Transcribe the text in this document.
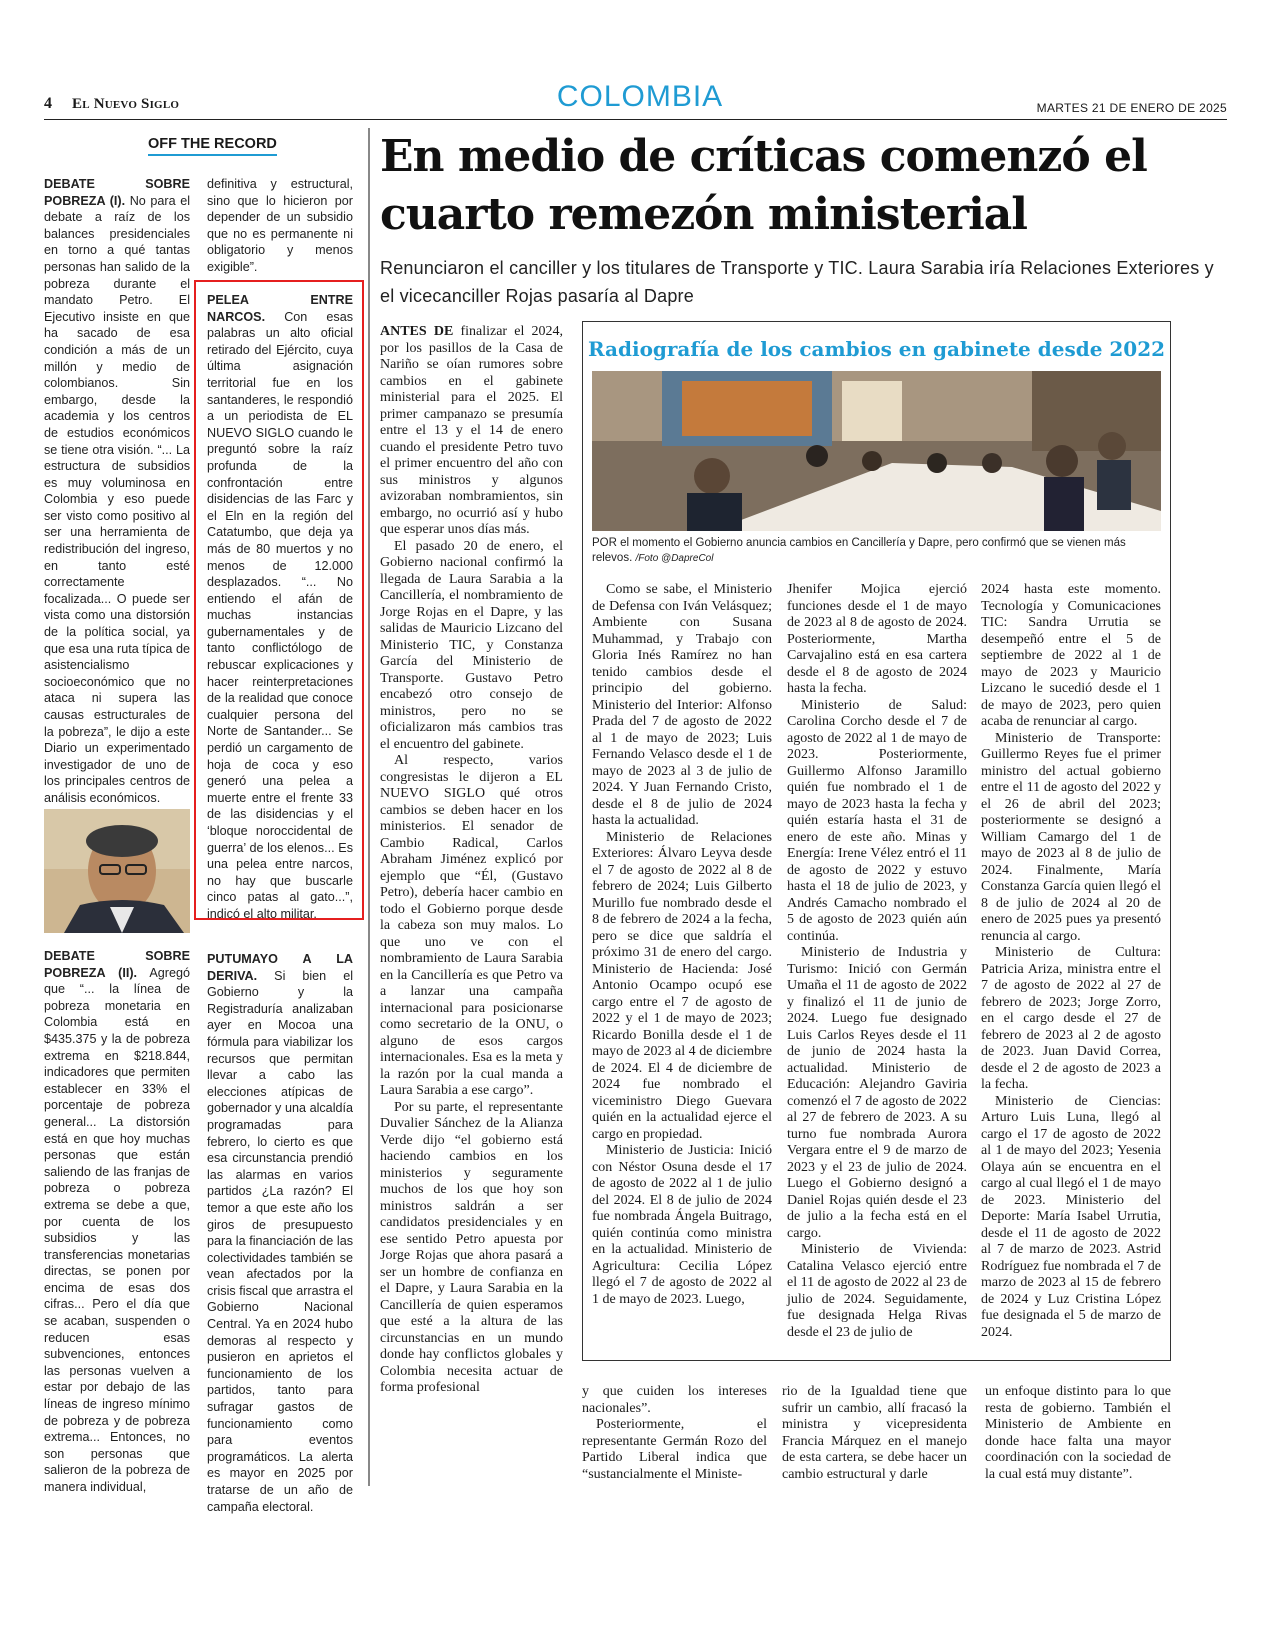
4 El Nuevo Siglo	COLOMBIA	MARTES 21 DE ENERO DE 2025
OFF THE RECORD
DEBATE SOBRE POBREZA (I). No para el debate a raíz de los balances presidenciales en torno a qué tantas personas han salido de la pobreza durante el mandato Petro. El Ejecutivo insiste en que ha sacado de esa condición a más de un millón y medio de colombianos. Sin embargo, desde la academia y los centros de estudios económicos se tiene otra visión. “... La estructura de subsidios es muy voluminosa en Colombia y eso puede ser visto como positivo al ser una herramienta de redistribución del ingreso, en tanto esté correctamente focalizada... O puede ser vista como una distorsión de la política social, ya que esa una ruta típica de asistencialismo socioeconómico que no ataca ni supera las causas estructurales de la pobreza”, le dijo a este Diario un experimentado investigador de uno de los principales centros de análisis económicos.
definitiva y estructural, sino que lo hicieron por depender de un subsidio que no es permanente ni obligatorio y menos exigible”.
PELEA ENTRE NARCOS. Con esas palabras un alto oficial retirado del Ejército, cuya última asignación territorial fue en los santanderes, le respondió a un periodista de EL NUEVO SIGLO cuando le preguntó sobre la raíz profunda de la confrontación entre disidencias de las Farc y el Eln en la región del Catatumbo, que deja ya más de 80 muertos y no menos de 12.000 desplazados. “... No entiendo el afán de muchas instancias gubernamentales y de tanto conflictólogo de rebuscar explicaciones y hacer reinterpretaciones de la realidad que conoce cualquier persona del Norte de Santander... Se perdió un cargamento de hoja de coca y eso generó una pelea a muerte entre el frente 33 de las disidencias y el ‘bloque noroccidental de guerra’ de los elenos... Es una pelea entre narcos, no hay que buscarle cinco patas al gato...”, indicó el alto militar.
DEBATE SOBRE POBREZA (II). Agregó que “... la línea de pobreza monetaria en Colombia está en $435.375 y la de pobreza extrema en $218.844, indicadores que permiten establecer en 33% el porcentaje de pobreza general... La distorsión está en que hoy muchas personas que están saliendo de las franjas de pobreza o pobreza extrema se debe a que, por cuenta de los subsidios y las transferencias monetarias directas, se ponen por encima de esas dos cifras... Pero el día que se acaban, suspenden o reducen esas subvenciones, entonces las personas vuelven a estar por debajo de las líneas de ingreso mínimo de pobreza y de pobreza extrema... Entonces, no son personas que salieron de la pobreza de manera individual,
PUTUMAYO A LA DERIVA. Si bien el Gobierno y la Registraduría analizaban ayer en Mocoa una fórmula para viabilizar los recursos que permitan llevar a cabo las elecciones atípicas de gobernador y una alcaldía programadas para febrero, lo cierto es que esa circunstancia prendió las alarmas en varios partidos ¿La razón? El temor a que este año los giros de presupuesto para la financiación de las colectividades también se vean afectados por la crisis fiscal que arrastra el Gobierno Nacional Central. Ya en 2024 hubo demoras al respecto y pusieron en aprietos el funcionamiento de los partidos, tanto para sufragar gastos de funcionamiento como para eventos programáticos. La alerta es mayor en 2025 por tratarse de un año de campaña electoral.
En medio de críticas comenzó el cuarto remezón ministerial
Renunciaron el canciller y los titulares de Transporte y TIC. Laura Sarabia iría Relaciones Exteriores y el vicecanciller Rojas pasaría al Dapre

ANTES DE finalizar el 2024, por los pasillos de la Casa de Nariño se oían rumores sobre cambios en el gabinete ministerial para el 2025. El primer campanazo se presumía entre el 13 y el 14 de enero cuando el presidente Petro tuvo el primer encuentro del año con sus ministros y algunos avizoraban nombramientos, sin embargo, no ocurrió así y hubo que esperar unos días más.

El pasado 20 de enero, el Gobierno nacional confirmó la llegada de Laura Sarabia a la Cancillería, el nombramiento de Jorge Rojas en el Dapre, y las salidas de Mauricio Lizcano del Ministerio TIC, y Constanza García del Ministerio de Transporte. Gustavo Petro encabezó otro consejo de ministros, pero no se oficializaron más cambios tras el encuentro del gabinete.

Al respecto, varios congresistas le dijeron a EL NUEVO SIGLO qué otros cambios se deben hacer en los ministerios. El senador de Cambio Radical, Carlos Abraham Jiménez explicó por ejemplo que “Él, (Gustavo Petro), debería hacer cambio en todo el Gobierno porque desde la cabeza son muy malos. Lo que uno ve con el nombramiento de Laura Sarabia en la Cancillería es que Petro va a lanzar una campaña internacional para posicionarse como secretario de la ONU, o alguno de esos cargos internacionales. Esa es la meta y la razón por la cual manda a Laura Sarabia a ese cargo”.

Por su parte, el representante Duvalier Sánchez de la Alianza Verde dijo “el gobierno está haciendo cambios en los ministerios y seguramente muchos de los que hoy son ministros saldrán a ser candidatos presidenciales y en ese sentido Petro apuesta por Jorge Rojas que ahora pasará a ser un hombre de confianza en el Dapre, y Laura Sarabia en la Cancillería de quien esperamos que esté a la altura de las circunstancias en un mundo donde hay conflictos globales y Colombia necesita actuar de forma profesional

Radiografía de los cambios en gabinete desde 2022
POR el momento el Gobierno anuncia cambios en Cancillería y Dapre, pero confirmó que se vienen más relevos. /Foto @DapreCol

Como se sabe, el Ministerio de Defensa con Iván Velásquez; Ambiente con Susana Muhammad, y Trabajo con Gloria Inés Ramírez no han tenido cambios desde el principio del gobierno. Ministerio del Interior: Alfonso Prada del 7 de agosto de 2022 al 1 de mayo de 2023; Luis Fernando Velasco desde el 1 de mayo de 2023 al 3 de julio de 2024. Y Juan Fernando Cristo, desde el 8 de julio de 2024 hasta la actualidad.

Ministerio de Relaciones Exteriores: Álvaro Leyva desde el 7 de agosto de 2022 al 8 de febrero de 2024; Luis Gilberto Murillo fue nombrado desde el 8 de febrero de 2024 a la fecha, pero se dice que saldría el próximo 31 de enero del cargo. Ministerio de Hacienda: José Antonio Ocampo ocupó ese cargo entre el 7 de agosto de 2022 y el 1 de mayo de 2023; Ricardo Bonilla desde el 1 de mayo de 2023 al 4 de diciembre de 2024. El 4 de diciembre de 2024 fue nombrado el viceministro Diego Guevara quién en la actualidad ejerce el cargo en propiedad.

Ministerio de Justicia: Inició con Néstor Osuna desde el 17 de agosto de 2022 al 1 de julio del 2024. El 8 de julio de 2024 fue nombrada Ángela Buitrago, quién continúa como ministra en la actualidad. Ministerio de Agricultura: Cecilia López llegó el 7 de agosto de 2022 al 1 de mayo de 2023. Luego,

Jhenifer Mojica ejerció funciones desde el 1 de mayo de 2023 al 8 de agosto de 2024. Posteriormente, Martha Carvajalino está en esa cartera desde el 8 de agosto de 2024 hasta la fecha.

Ministerio de Salud: Carolina Corcho desde el 7 de agosto de 2022 al 1 de mayo de 2023. Posteriormente, Guillermo Alfonso Jaramillo quién fue nombrado el 1 de mayo de 2023 hasta la fecha y quién estaría hasta el 31 de enero de este año. Minas y Energía: Irene Vélez entró el 11 de agosto de 2022 y estuvo hasta el 18 de julio de 2023, y Andrés Camacho nombrado el 5 de agosto de 2023 quién aún continúa.

Ministerio de Industria y Turismo: Inició con Germán Umaña el 11 de agosto de 2022 y finalizó el 11 de junio de 2024. Luego fue designado Luis Carlos Reyes desde el 11 de junio de 2024 hasta la actualidad. Ministerio de Educación: Alejandro Gaviria comenzó el 7 de agosto de 2022 al 27 de febrero de 2023. A su turno fue nombrada Aurora Vergara entre el 9 de marzo de 2023 y el 23 de julio de 2024. Luego el Gobierno designó a Daniel Rojas quién desde el 23 de julio a la fecha está en el cargo.

Ministerio de Vivienda: Catalina Velasco ejerció entre el 11 de agosto de 2022 al 23 de julio de 2024. Seguidamente, fue designada Helga Rivas desde el 23 de julio de

2024 hasta este momento. Tecnología y Comunicaciones TIC: Sandra Urrutia se desempeñó entre el 5 de septiembre de 2022 al 1 de mayo de 2023 y Mauricio Lizcano le sucedió desde el 1 de mayo de 2023, pero quien acaba de renunciar al cargo.

Ministerio de Transporte: Guillermo Reyes fue el primer ministro del actual gobierno entre el 11 de agosto del 2022 y el 26 de abril del 2023; posteriormente se designó a William Camargo del 1 de mayo de 2023 al 8 de julio de 2024. Finalmente, María Constanza García quien llegó el 8 de julio de 2024 al 20 de enero de 2025 pues ya presentó renuncia al cargo.

Ministerio de Cultura: Patricia Ariza, ministra entre el 7 de agosto de 2022 al 27 de febrero de 2023; Jorge Zorro, en el cargo desde el 27 de febrero de 2023 al 2 de agosto de 2023. Juan David Correa, desde el 2 de agosto de 2023 a la fecha.

Ministerio de Ciencias: Arturo Luis Luna, llegó al cargo el 17 de agosto de 2022 al 1 de mayo del 2023; Yesenia Olaya aún se encuentra en el cargo al cual llegó el 1 de mayo de 2023. Ministerio del Deporte: María Isabel Urrutia, desde el 11 de agosto de 2022 al 7 de marzo de 2023. Astrid Rodríguez fue nombrada el 7 de marzo de 2023 al 15 de febrero de 2024 y Luz Cristina López fue designada el 5 de marzo de 2024.

y que cuiden los intereses nacionales”.

Posteriormente, el representante Germán Rozo del Partido Liberal indica que “sustancialmente el Ministe-

rio de la Igualdad tiene que sufrir un cambio, allí fracasó la ministra y vicepresidenta Francia Márquez en el manejo de esta cartera, se debe hacer un cambio estructural y darle

un enfoque distinto para lo que resta de gobierno. También el Ministerio de Ambiente en donde hace falta una mayor coordinación con la sociedad de la cual está muy distante”.
